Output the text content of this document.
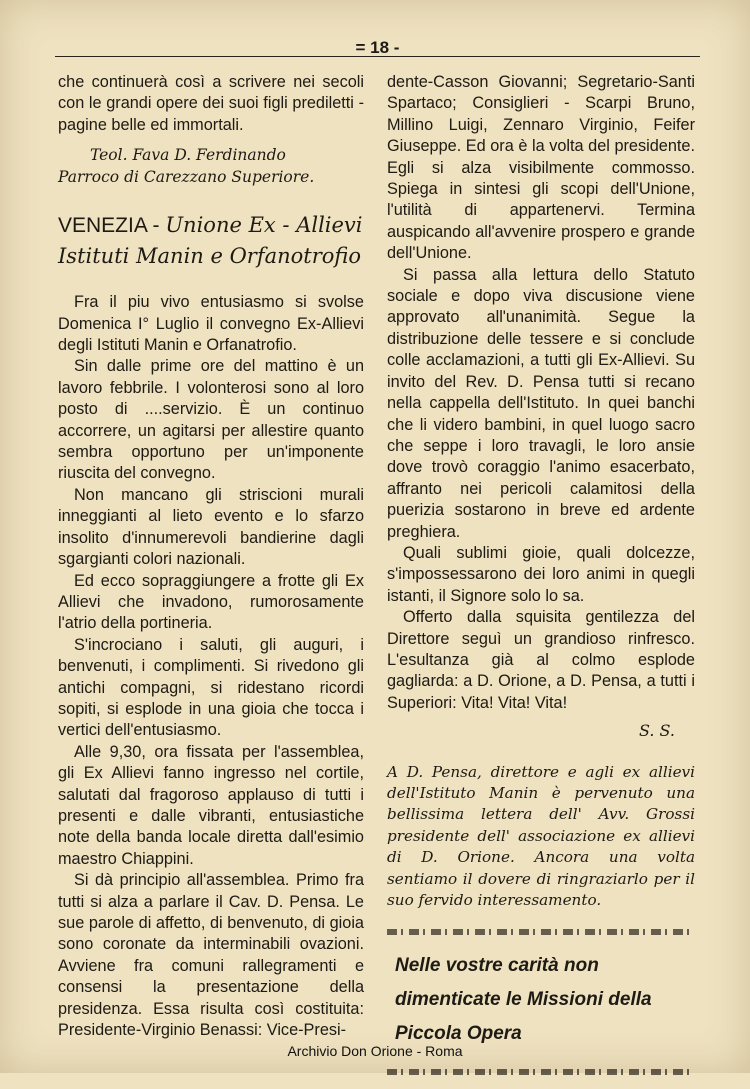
= 18 -

che continuerà così a scrivere nei secoli con le grandi opere dei suoi figli prediletti - pagine belle ed immortali.

Teol. Fava D. Ferdinando
Parroco di Carezzano Superiore.

VENEZIA - Unione Ex - Allievi Istituti Manin e Orfanotrofio

Fra il piu vivo entusiasmo si svolse Domenica I° Luglio il convegno Ex-Allievi degli Istituti Manin e Orfanatrofio.

Sin dalle prime ore del mattino è un lavoro febbrile. I volonterosi sono al loro posto di ....servizio. È un continuo accorrere, un agitarsi per allestire quanto sembra opportuno per un'imponente riuscita del convegno.

Non mancano gli striscioni murali inneggianti al lieto evento e lo sfarzo insolito d'innumerevoli bandierine dagli sgargianti colori nazionali.

Ed ecco sopraggiungere a frotte gli Ex Allievi che invadono, rumorosamente l'atrio della portineria.

S'incrociano i saluti, gli auguri, i benvenuti, i complimenti. Si rivedono gli antichi compagni, si ridestano ricordi sopiti, si esplode in una gioia che tocca i vertici dell'entusiasmo.

Alle 9,30, ora fissata per l'assemblea, gli Ex Allievi fanno ingresso nel cortile, salutati dal fragoroso applauso di tutti i presenti e dalle vibranti, entusiastiche note della banda locale diretta dall'esimio maestro Chiappini.

Si dà principio all'assemblea. Primo fra tutti si alza a parlare il Cav. D. Pensa. Le sue parole di affetto, di benvenuto, di gioia sono coronate da interminabili ovazioni. Avviene fra comuni rallegramenti e consensi la presentazione della presidenza. Essa risulta così costituita: Presidente-Virginio Benassi: Vice-Presi-

dente-Casson Giovanni; Segretario-Santi Spartaco; Consiglieri - Scarpi Bruno, Millino Luigi, Zennaro Virginio, Feifer Giuseppe. Ed ora è la volta del presidente. Egli si alza visibilmente commosso. Spiega in sintesi gli scopi dell'Unione, l'utilità di appartenervi. Termina auspicando all'avvenire prospero e grande dell'Unione.

Si passa alla lettura dello Statuto sociale e dopo viva discusione viene approvato all'unanimità. Segue la distribuzione delle tessere e si conclude colle acclamazioni, a tutti gli Ex-Allievi. Su invito del Rev. D. Pensa tutti si recano nella cappella dell'Istituto. In quei banchi che li videro bambini, in quel luogo sacro che seppe i loro travagli, le loro ansie dove trovò coraggio l'animo esacerbato, affranto nei pericoli calamitosi della puerizia sostarono in breve ed ardente preghiera.

Quali sublimi gioie, quali dolcezze, s'impossessarono dei loro animi in quegli istanti, il Signore solo lo sa.

Offerto dalla squisita gentilezza del Direttore seguì un grandioso rinfresco. L'esultanza già al colmo esplode gagliarda: a D. Orione, a D. Pensa, a tutti i Superiori: Vita! Vita! Vita!

S. S.

A D. Pensa, direttore e agli ex allievi dell'Istituto Manin è pervenuto una bellissima lettera dell' Avv. Grossi presidente dell' associazione ex allievi di D. Orione. Ancora una volta sentiamo il dovere di ringraziarlo per il suo fervido interessamento.

Nelle vostre carità non dimenticate le Missioni della Piccola Opera

Archivio Don Orione - Roma
